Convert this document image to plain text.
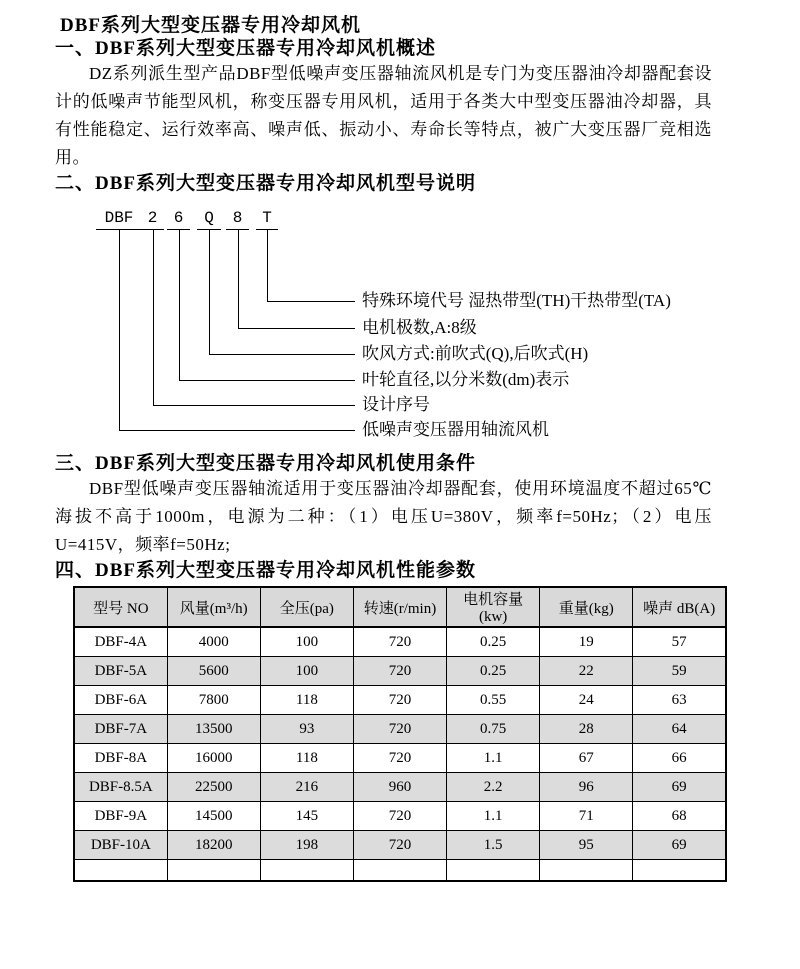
DBF系列大型变压器专用冷却风机
一、DBF系列大型变压器专用冷却风机概述

DZ系列派生型产品DBF型低噪声变压器轴流风机是专门为变压器油冷却器配套设计的低噪声节能型风机，称变压器专用风机，适用于各类大中型变压器油冷却器，具有性能稳定、运行效率高、噪声低、振动小、寿命长等特点，被广大变压器厂竞相选用。

二、DBF系列大型变压器专用冷却风机型号说明
DBF
低噪声变压器用轴流风机
2
设计序号
6
叶轮直径,以分米数(dm)表示
Q
吹风方式:前吹式(Q),后吹式(H)
8
电机极数,A:8级
T
特殊环境代号 湿热带型(TH)干热带型(TA)
三、DBF系列大型变压器专用冷却风机使用条件

DBF型低噪声变压器轴流适用于变压器油冷却器配套，使用环境温度不超过65℃海拔不高于1000m，电源为二种：（1）电压U=380V，频率f=50Hz；（2）电压U=415V，频率f=50Hz;

四、DBF系列大型变压器专用冷却风机性能参数
型号 NO	风量(m³/h)	全压(pa)	转速(r/min)	电机容量(kw)	重量(kg)	噪声 dB(A)
DBF-4A	4000	100	720	0.25	19	57
DBF-5A	5600	100	720	0.25	22	59
DBF-6A	7800	118	720	0.55	24	63
DBF-7A	13500	93	720	0.75	28	64
DBF-8A	16000	118	720	1.1	67	66
DBF-8.5A	22500	216	960	2.2	96	69
DBF-9A	14500	145	720	1.1	71	68
DBF-10A	18200	198	720	1.5	95	69
